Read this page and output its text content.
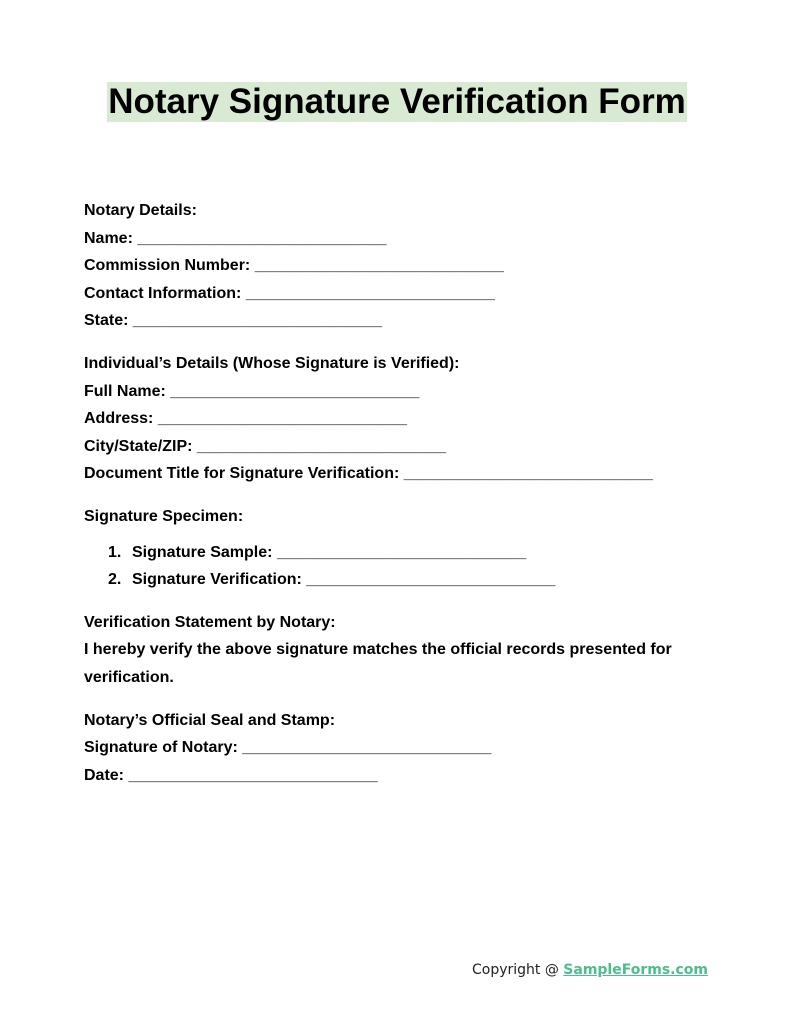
Notary Signature Verification Form

Notary Details:

Name: ____________________________

Commission Number: ____________________________

Contact Information: ____________________________

State: ____________________________

Individual’s Details (Whose Signature is Verified):

Full Name: ____________________________

Address: ____________________________

City/State/ZIP: ____________________________

Document Title for Signature Verification: ____________________________

Signature Specimen:

1. Signature Sample: ____________________________
2. Signature Verification: ____________________________

Verification Statement by Notary:

I hereby verify the above signature matches the official records presented for verification.

Notary’s Official Seal and Stamp:

Signature of Notary: ____________________________

Date: ____________________________

Copyright @ SampleForms.com
